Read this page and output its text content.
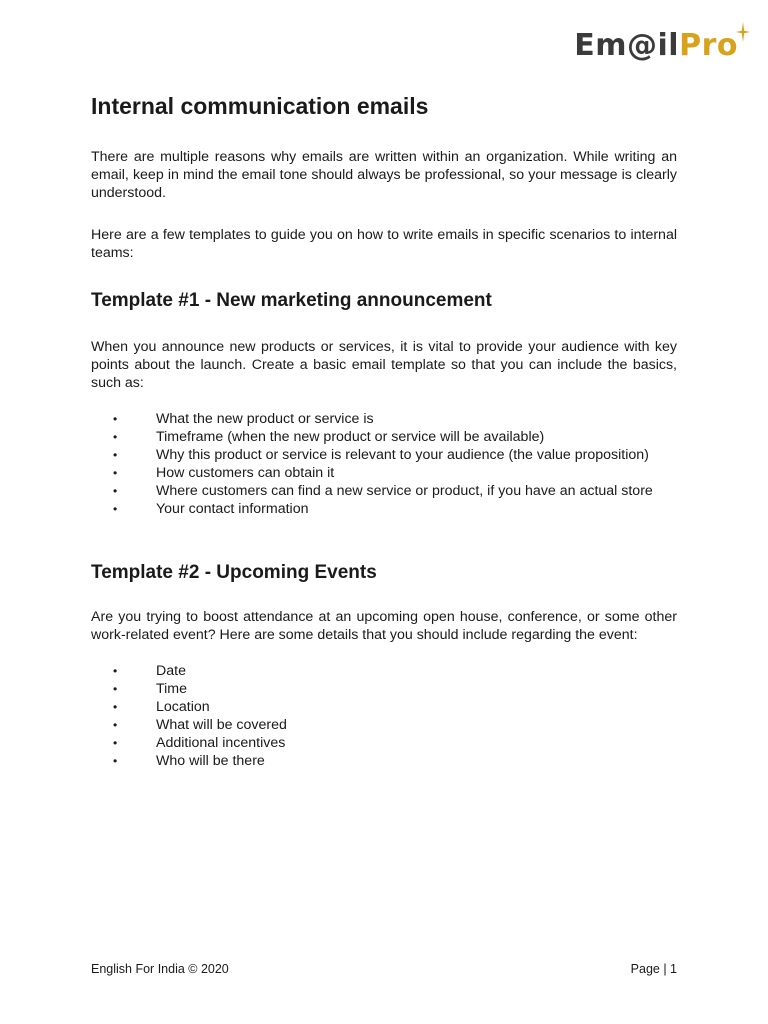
Em@ilPro
Internal communication emails

There are multiple reasons why emails are written within an organization. While writing an email, keep in mind the email tone should always be professional, so your message is clearly understood.

Here are a few templates to guide you on how to write emails in specific scenarios to internal teams:

Template #1 - New marketing announcement

When you announce new products or services, it is vital to provide your audience with key points about the launch. Create a basic email template so that you can include the basics, such as:

• What the new product or service is
• Timeframe (when the new product or service will be available)
• Why this product or service is relevant to your audience (the value proposition)
• How customers can obtain it
• Where customers can find a new service or product, if you have an actual store
• Your contact information
Template #2 - Upcoming Events

Are you trying to boost attendance at an upcoming open house, conference, or some other work-related event? Here are some details that you should include regarding the event:

• Date
• Time
• Location
• What will be covered
• Additional incentives
• Who will be there
English For India © 2020	Page | 1
